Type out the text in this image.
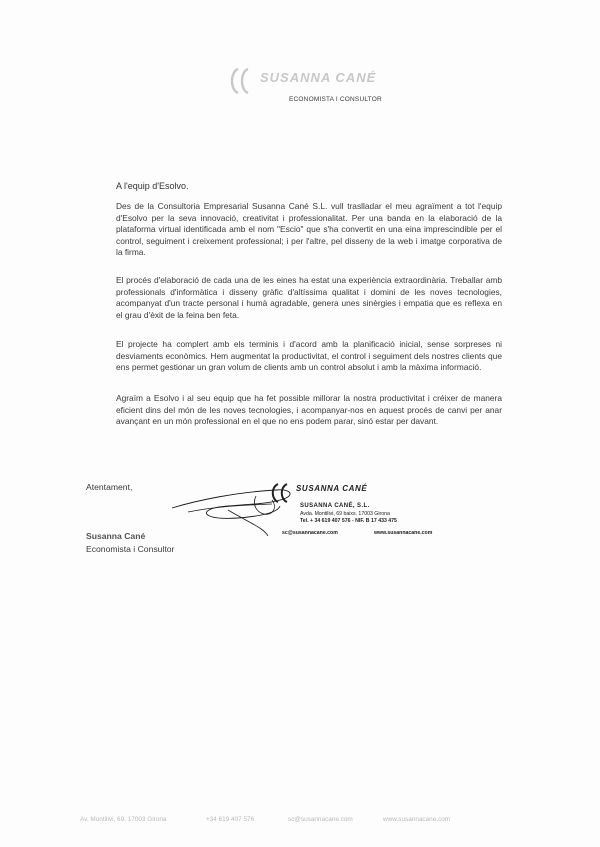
SUSANNA CANÉ
ECONOMISTA I CONSULTOR
A l'equip d'Esolvo.

Des de la Consultoria Empresarial Susanna Cané S.L. vull traslladar el meu agraïment a tot l'equip d'Esolvo per la seva innovació, creativitat i professionalitat. Per una banda en la elaboració de la plataforma virtual identificada amb el nom "Escio" que s'ha convertit en una eina imprescindible per el control, seguiment i creixement professional; i per l'altre, pel disseny de la web i imatge corporativa de la firma.

El procés d'elaboració de cada una de les eines ha estat una experiència extraordinària. Treballar amb professionals d'informàtica i disseny gràfic d'altíssima qualitat i domini de les noves tecnologies, acompanyat d'un tracte personal i humà agradable, genera unes sinèrgies i empatia que es reflexa en el grau d'èxit de la feina ben feta.

El projecte ha complert amb els terminis i d'acord amb la planificació inicial, sense sorpreses ni desviaments econòmics. Hem augmentat la productivitat, el control i seguiment dels nostres clients que ens permet gestionar un gran volum de clients amb un control absolut i amb la màxima informació.

Agraïm a Esolvo i al seu equip que ha fet possible millorar la nostra productivitat i créixer de manera eficient dins del món de les noves tecnologies, i acompanyar-nos en aquest procés de canvi per anar avançant en un món professional en el que no ens podem parar, sinó estar per davant.

Atentament,
Susanna Cané
Economista i Consultor
SUSANNA CANÉ
SUSANNA CANÉ, S.L.
Avda. Montilivi, 69 baixs. 17003 Girona
Tel. + 34 619 407 576 - NIF. B 17 433 475
sc@susannacane.com	www.susannacane.com
Av. Montilivi, 69. 17003 Girona	+34 619 407 576	sc@susannacane.com	www.susannacane.com
